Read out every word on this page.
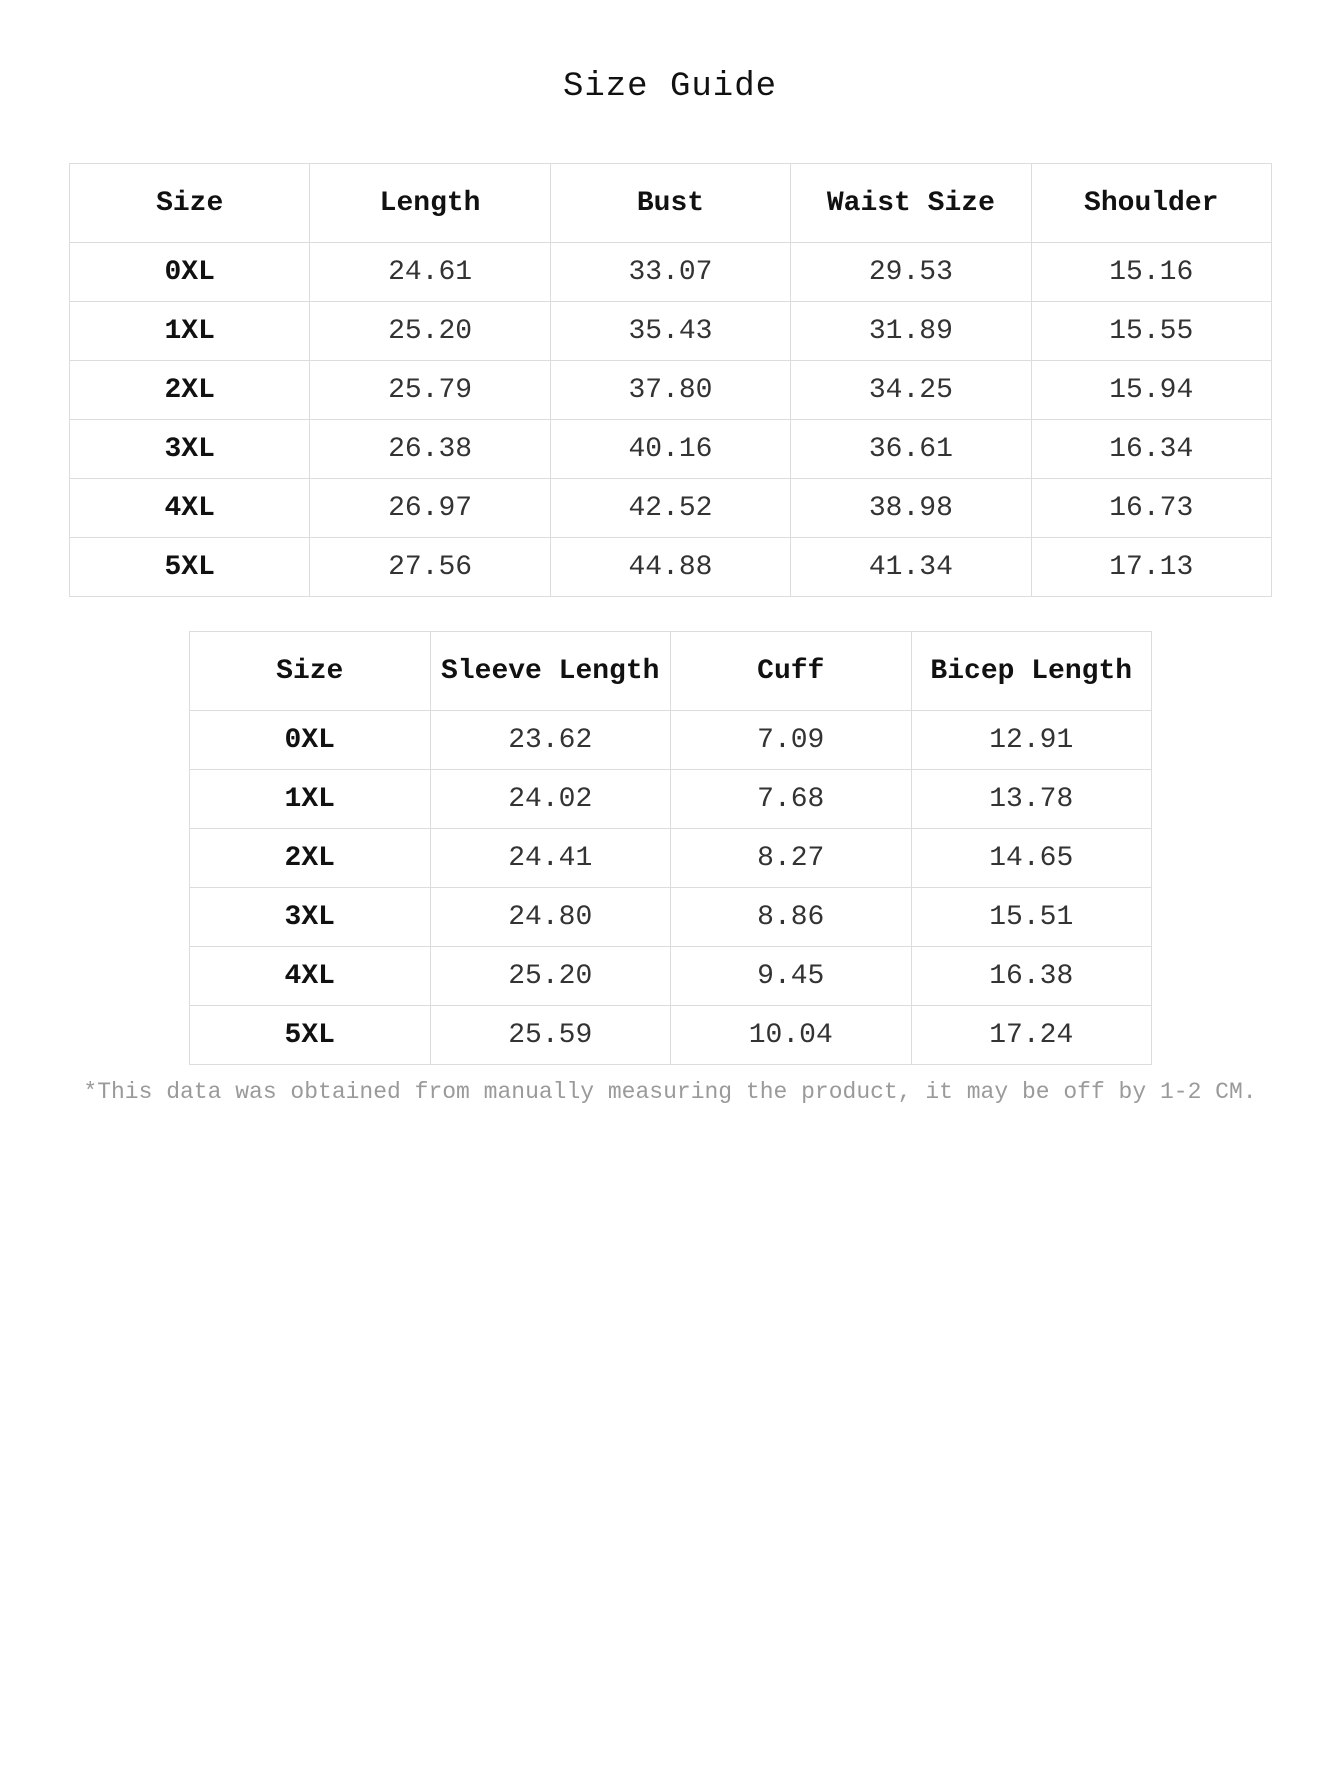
Size Guide
Size	Length	Bust	Waist Size	Shoulder
0XL	24.61	33.07	29.53	15.16
1XL	25.20	35.43	31.89	15.55
2XL	25.79	37.80	34.25	15.94
3XL	26.38	40.16	36.61	16.34
4XL	26.97	42.52	38.98	16.73
5XL	27.56	44.88	41.34	17.13
Size	Sleeve Length	Cuff	Bicep Length
0XL	23.62	7.09	12.91
1XL	24.02	7.68	13.78
2XL	24.41	8.27	14.65
3XL	24.80	8.86	15.51
4XL	25.20	9.45	16.38
5XL	25.59	10.04	17.24
*This data was obtained from manually measuring the product, it may be off by 1-2 CM.
